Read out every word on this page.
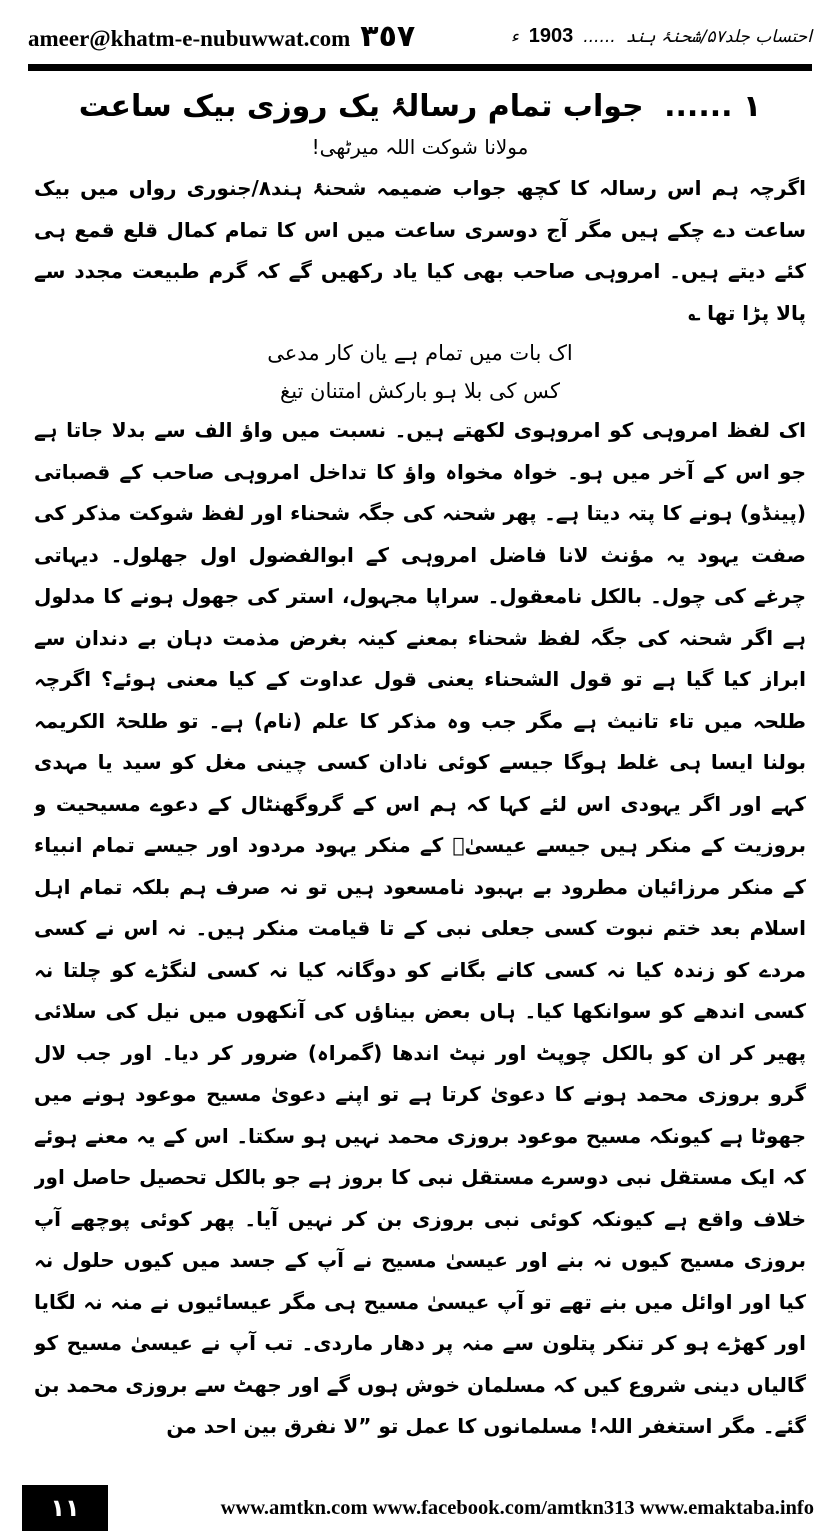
ameer@khatm-e-nubuwwat.com ٣٥٧	احتساب جلد۵۷/شحنۂ ہند
......
1903
ء

١ ...... جواب تمام رسالۂ یک روزی بیک ساعت

مولانا شوکت اللہ میرٹھی!

اگرچہ ہم اس رسالہ کا کچھ جواب ضمیمہ شحنۂ ہند۸/جنوری رواں میں بیک ساعت دے چکے ہیں مگر آج دوسری ساعت میں اس کا تمام کمال قلع قمع ہی کئے دیتے ہیں۔ امروہی صاحب بھی کیا یاد رکھیں گے کہ گرم طبیعت مجدد سے پالا پڑا تھا ؎

اک بات میں تمام ہے یان کار مدعی

کس کی بلا ہو بارکش امتنان تیغ

اک لفظ امروہی کو امروہوی لکھتے ہیں۔ نسبت میں واؤ الف سے بدلا جاتا ہے جو اس کے آخر میں ہو۔ خواہ مخواہ واؤ کا تداخل امروہی صاحب کے قصباتی (پینڈو) ہونے کا پتہ دیتا ہے۔ پھر شحنہ کی جگہ شحناء اور لفظ شوکت مذکر کی صفت یہود یہ مؤنث لانا فاضل امروہی کے ابوالفضول اول جھلول۔ دیہاتی چرغے کی چول۔ بالکل نامعقول۔ سراپا مجہول، استر کی جھول ہونے کا مدلول ہے اگر شحنہ کی جگہ لفظ شحناء بمعنے کینہ بغرض مذمت دہان بے دندان سے ابراز کیا گیا ہے تو قول الشحناء یعنی قول عداوت کے کیا معنی ہوئے؟ اگرچہ طلحہ میں تاء تانیث ہے مگر جب وہ مذکر کا علم (نام) ہے۔ تو طلحۃ الکریمہ بولنا ایسا ہی غلط ہوگا جیسے کوئی نادان کسی چینی مغل کو سید یا مہدی کہے اور اگر یہودی اس لئے کہا کہ ہم اس کے گروگھنٹال کے دعوے مسیحیت و بروزیت کے منکر ہیں جیسے عیسیٰؑ کے منکر یہود مردود اور جیسے تمام انبیاء کے منکر مرزائیان مطرود بے بہبود نامسعود ہیں تو نہ صرف ہم بلکہ تمام اہل اسلام بعد ختم نبوت کسی جعلی نبی کے تا قیامت منکر ہیں۔ نہ اس نے کسی مردے کو زندہ کیا نہ کسی کانے بگانے کو دوگانہ کیا نہ کسی لنگڑے کو چلتا نہ کسی اندھے کو سوانکھا کیا۔ ہاں بعض بیناؤں کی آنکھوں میں نیل کی سلائی پھیر کر ان کو بالکل چوپٹ اور نپٹ اندھا (گمراہ) ضرور کر دیا۔ اور جب لال گرو بروزی محمد ہونے کا دعویٰ کرتا ہے تو اپنے دعویٰ مسیح موعود ہونے میں جھوٹا ہے کیونکہ مسیح موعود بروزی محمد نہیں ہو سکتا۔ اس کے یہ معنے ہوئے کہ ایک مستقل نبی دوسرے مستقل نبی کا بروز ہے جو بالکل تحصیل حاصل اور خلاف واقع ہے کیونکہ کوئی نبی بروزی بن کر نہیں آیا۔ پھر کوئی پوچھے آپ بروزی مسیح کیوں نہ بنے اور عیسیٰ مسیح نے آپ کے جسد میں کیوں حلول نہ کیا اور اوائل میں بنے تھے تو آپ عیسیٰ مسیح ہی مگر عیسائیوں نے منہ نہ لگایا اور کھڑے ہو کر تنکر پتلون سے منہ پر دھار ماردی۔ تب آپ نے عیسیٰ مسیح کو گالیاں دینی شروع کیں کہ مسلمان خوش ہوں گے اور جھٹ سے بروزی محمد بن گئے۔ مگر استغفر اللہ! مسلمانوں کا عمل تو ”لا نفرق بین احد من

١١	www.amtkn.com www.facebook.com/amtkn313 www.emaktaba.info
